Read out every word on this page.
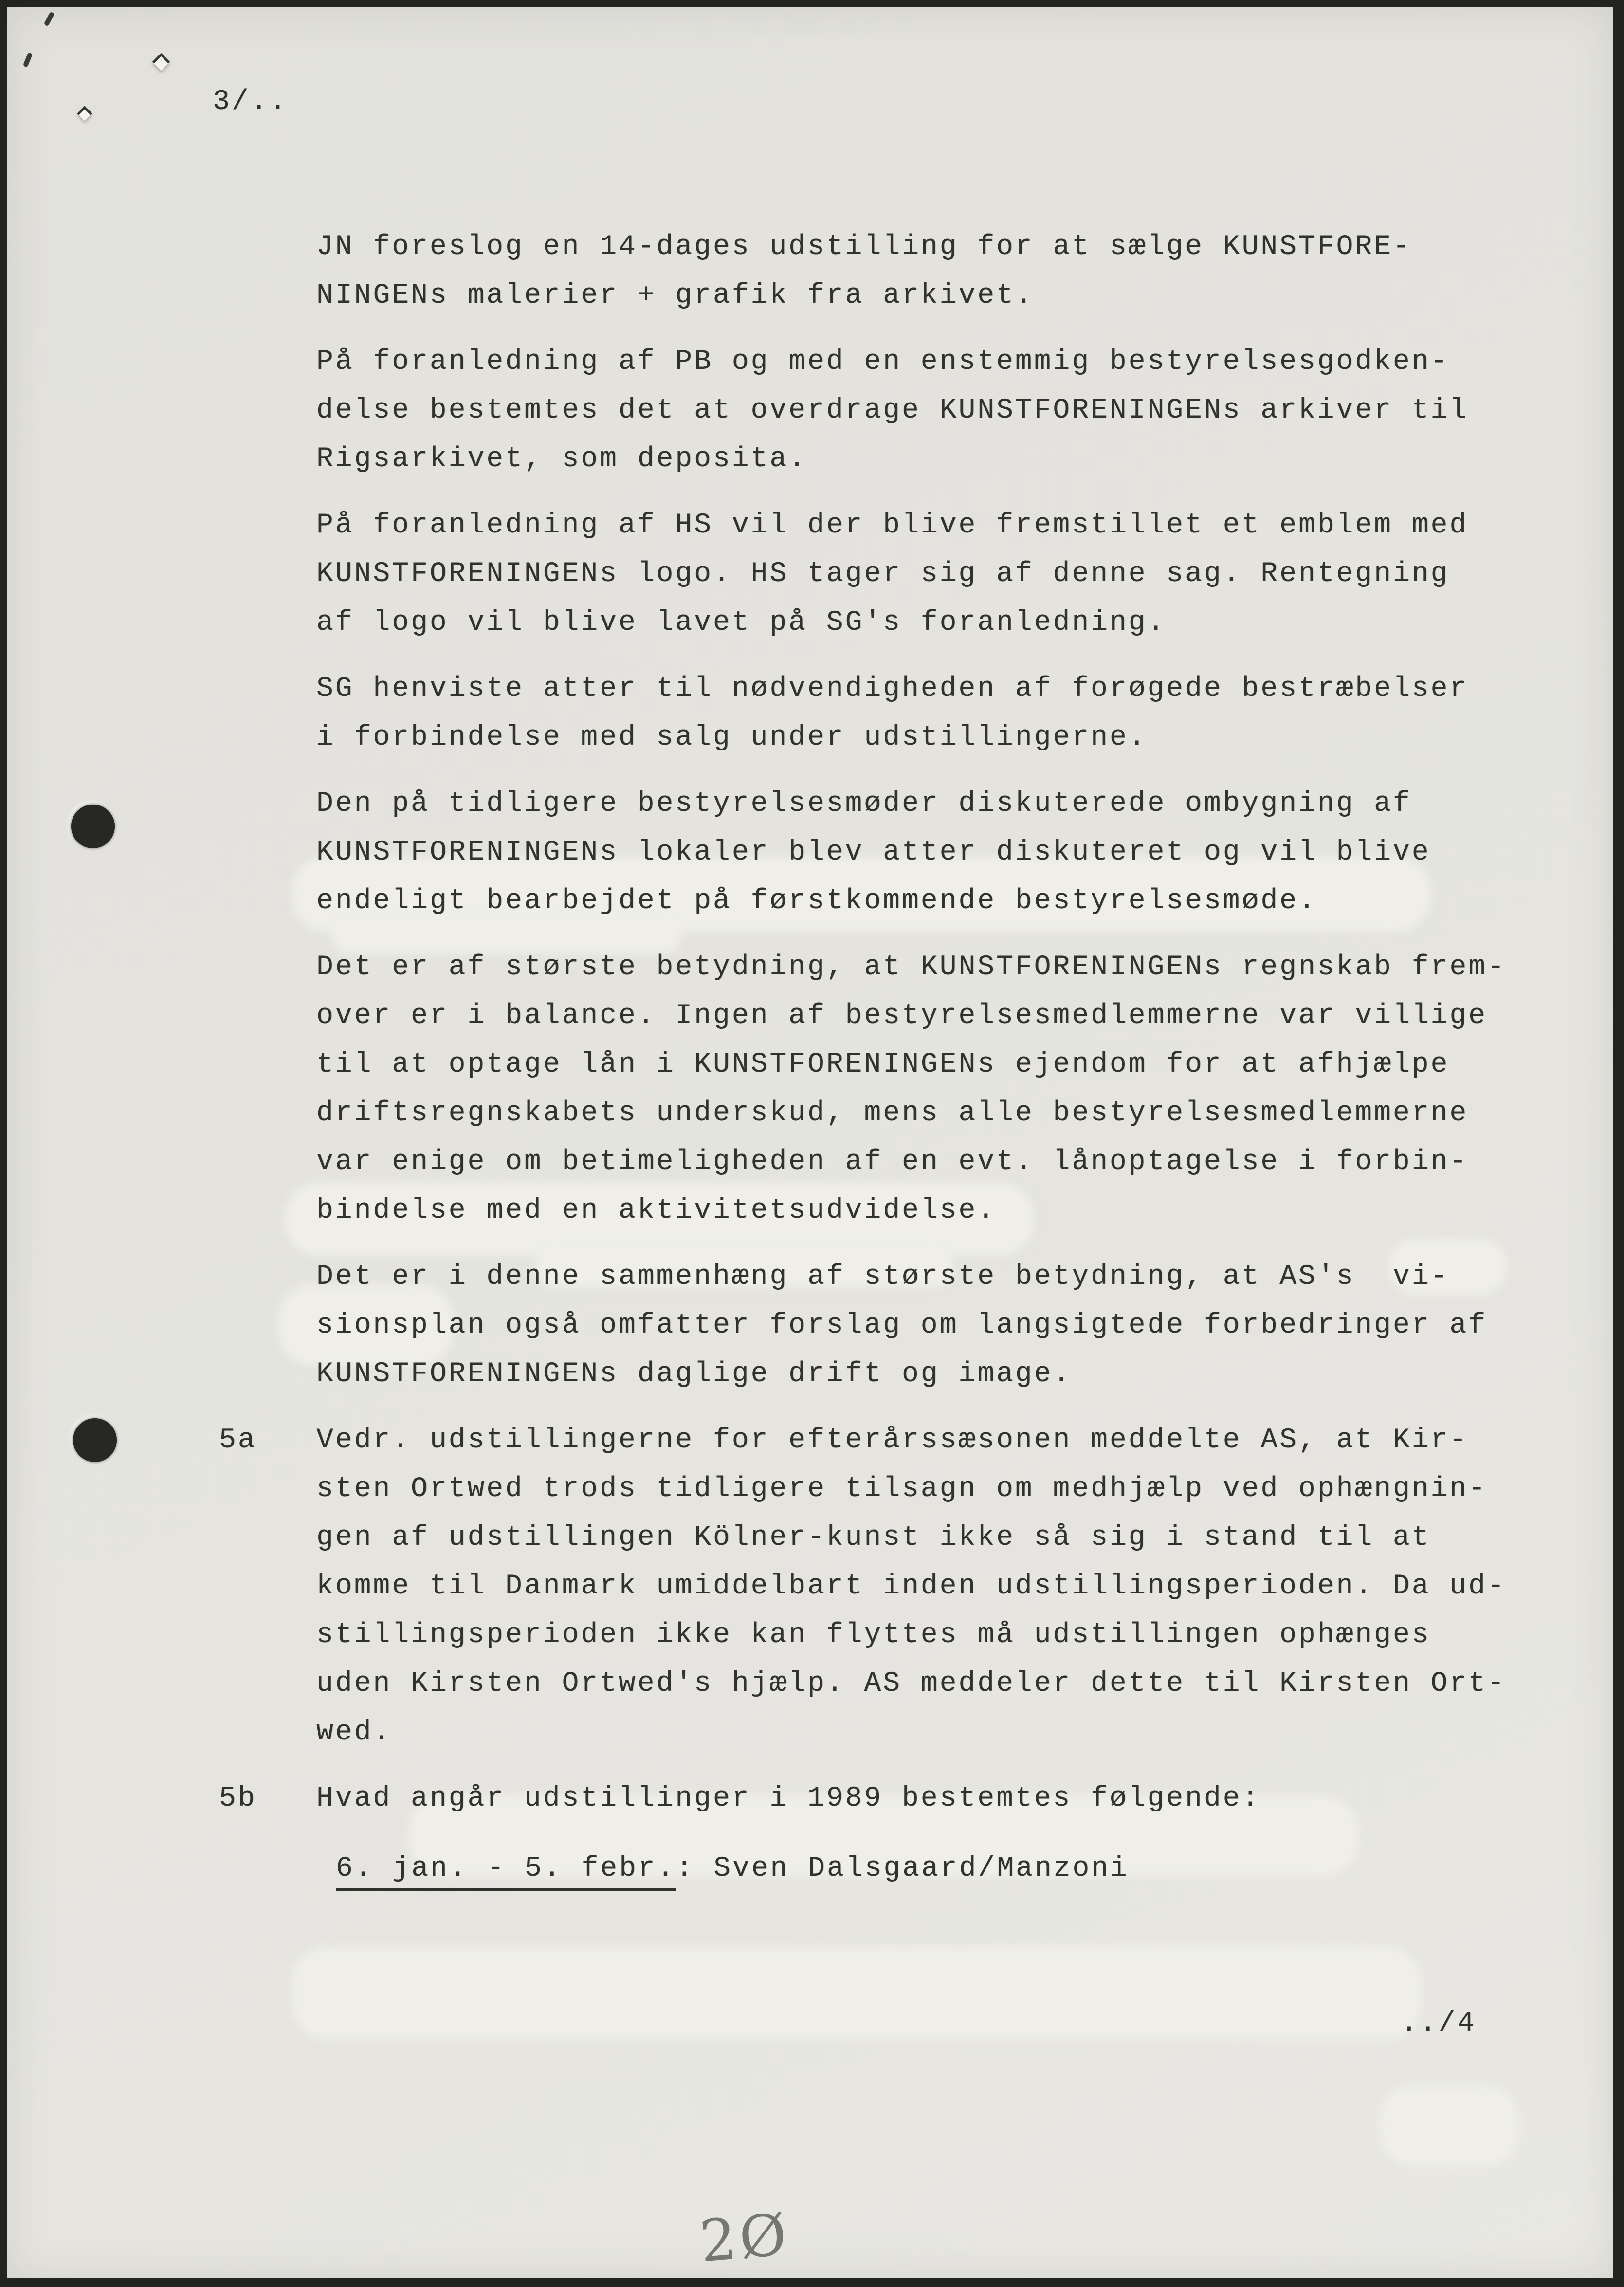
3/..
JN foreslog en 14-dages udstilling for at sælge KUNSTFORE-
NINGENs malerier + grafik fra arkivet.
På foranledning af PB og med en enstemmig bestyrelsesgodken-
delse bestemtes det at overdrage KUNSTFORENINGENs arkiver til
Rigsarkivet, som deposita.
På foranledning af HS vil der blive fremstillet et emblem med
KUNSTFORENINGENs logo. HS tager sig af denne sag. Rentegning
af logo vil blive lavet på SG's foranledning.
SG henviste atter til nødvendigheden af forøgede bestræbelser
i forbindelse med salg under udstillingerne.
Den på tidligere bestyrelsesmøder diskuterede ombygning af
KUNSTFORENINGENs lokaler blev atter diskuteret og vil blive
endeligt bearbejdet på førstkommende bestyrelsesmøde.
Det er af største betydning, at KUNSTFORENINGENs regnskab frem-
over er i balance. Ingen af bestyrelsesmedlemmerne var villige
til at optage lån i KUNSTFORENINGENs ejendom for at afhjælpe
driftsregnskabets underskud, mens alle bestyrelsesmedlemmerne
var enige om betimeligheden af en evt. lånoptagelse i forbin-
bindelse med en aktivitetsudvidelse.
Det er i denne sammenhæng af største betydning, at AS's  vi-
sionsplan også omfatter forslag om langsigtede forbedringer af
KUNSTFORENINGENs daglige drift og image.
5a Vedr. udstillingerne for efterårssæsonen meddelte AS, at Kir-
sten Ortwed trods tidligere tilsagn om medhjælp ved ophængnin-
gen af udstillingen Kölner-kunst ikke så sig i stand til at
komme til Danmark umiddelbart inden udstillingsperioden. Da ud-
stillingsperioden ikke kan flyttes må udstillingen ophænges
uden Kirsten Ortwed's hjælp. AS meddeler dette til Kirsten Ort-
wed.
5b Hvad angår udstillinger i 1989 bestemtes følgende:
6. jan. - 5. febr.: Sven Dalsgaard/Manzoni
../4
2Ø
